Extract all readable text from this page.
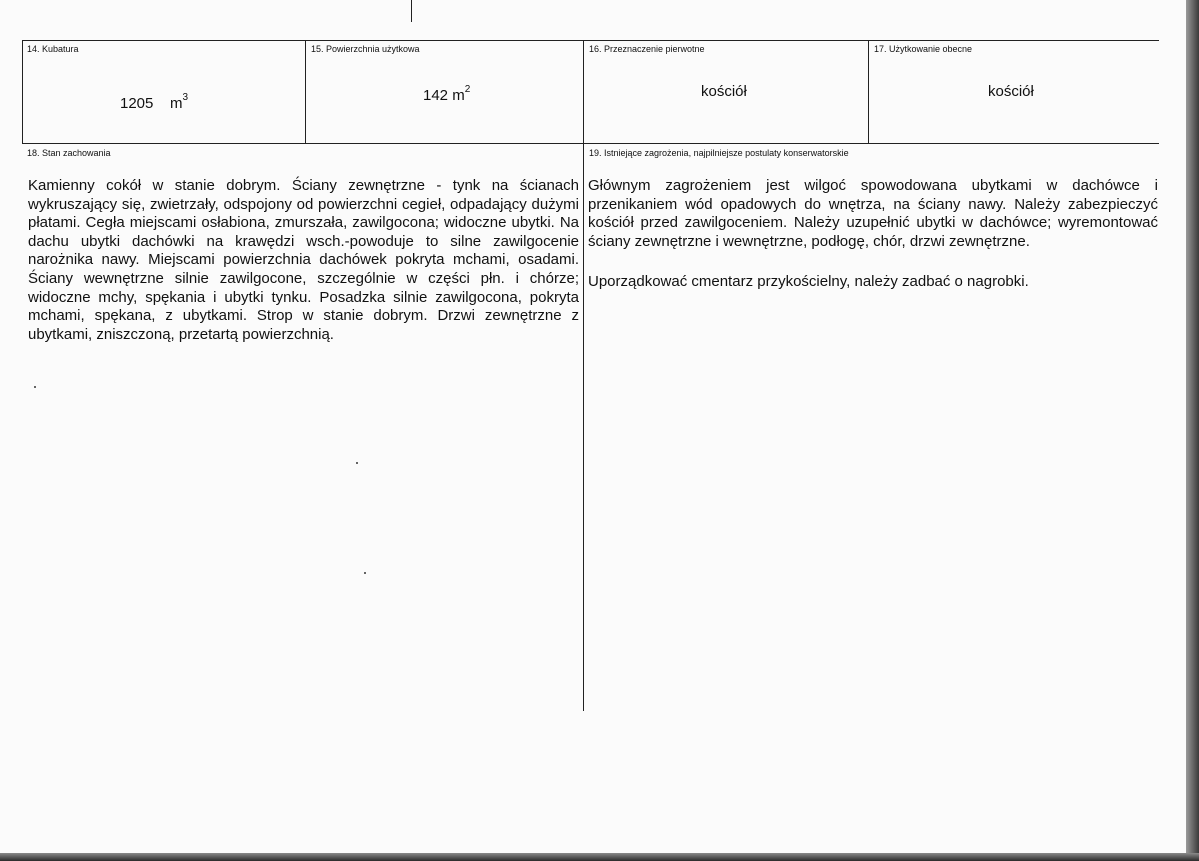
14. Kubatura
1205 $m^3$
15. Powierzchnia użytkowa
142 $m^2$
16. Przeznaczenie pierwotne
kościół
17. Użytkowanie obecne
kościół
18. Stan zachowania
Kamienny cokół w stanie dobrym. Ściany zewnętrzne - tynk na ścianach wykruszający się, zwietrzały, odspojony od powierzchni cegieł, odpadający dużymi płatami. Cegła miejscami osłabiona, zmurszała, zawilgocona; widoczne ubytki. Na dachu ubytki dachówki na krawędzi wsch.-powoduje to silne zawilgocenie narożnika nawy. Miejscami powierzchnia dachówek pokryta mchami, osadami. Ściany wewnętrzne silnie zawilgocone, szczególnie w części płn. i chórze; widoczne mchy, spękania i ubytki tynku. Posadzka silnie zawilgocona, pokryta mchami, spękana, z ubytkami. Strop w stanie dobrym. Drzwi zewnętrzne z ubytkami, zniszczoną, przetartą powierzchnią.
19. Istniejące zagrożenia, najpilniejsze postulaty konserwatorskie
Głównym zagrożeniem jest wilgoć spowodowana ubytkami w dachówce i przenikaniem wód opadowych do wnętrza, na ściany nawy. Należy zabezpieczyć kościół przed zawilgoceniem. Należy uzupełnić ubytki w dachówce; wyremontować ściany zewnętrzne i wewnętrzne, podłogę, chór, drzwi zewnętrzne.
Uporządkować cmentarz przykościelny, należy zadbać o nagrobki.
